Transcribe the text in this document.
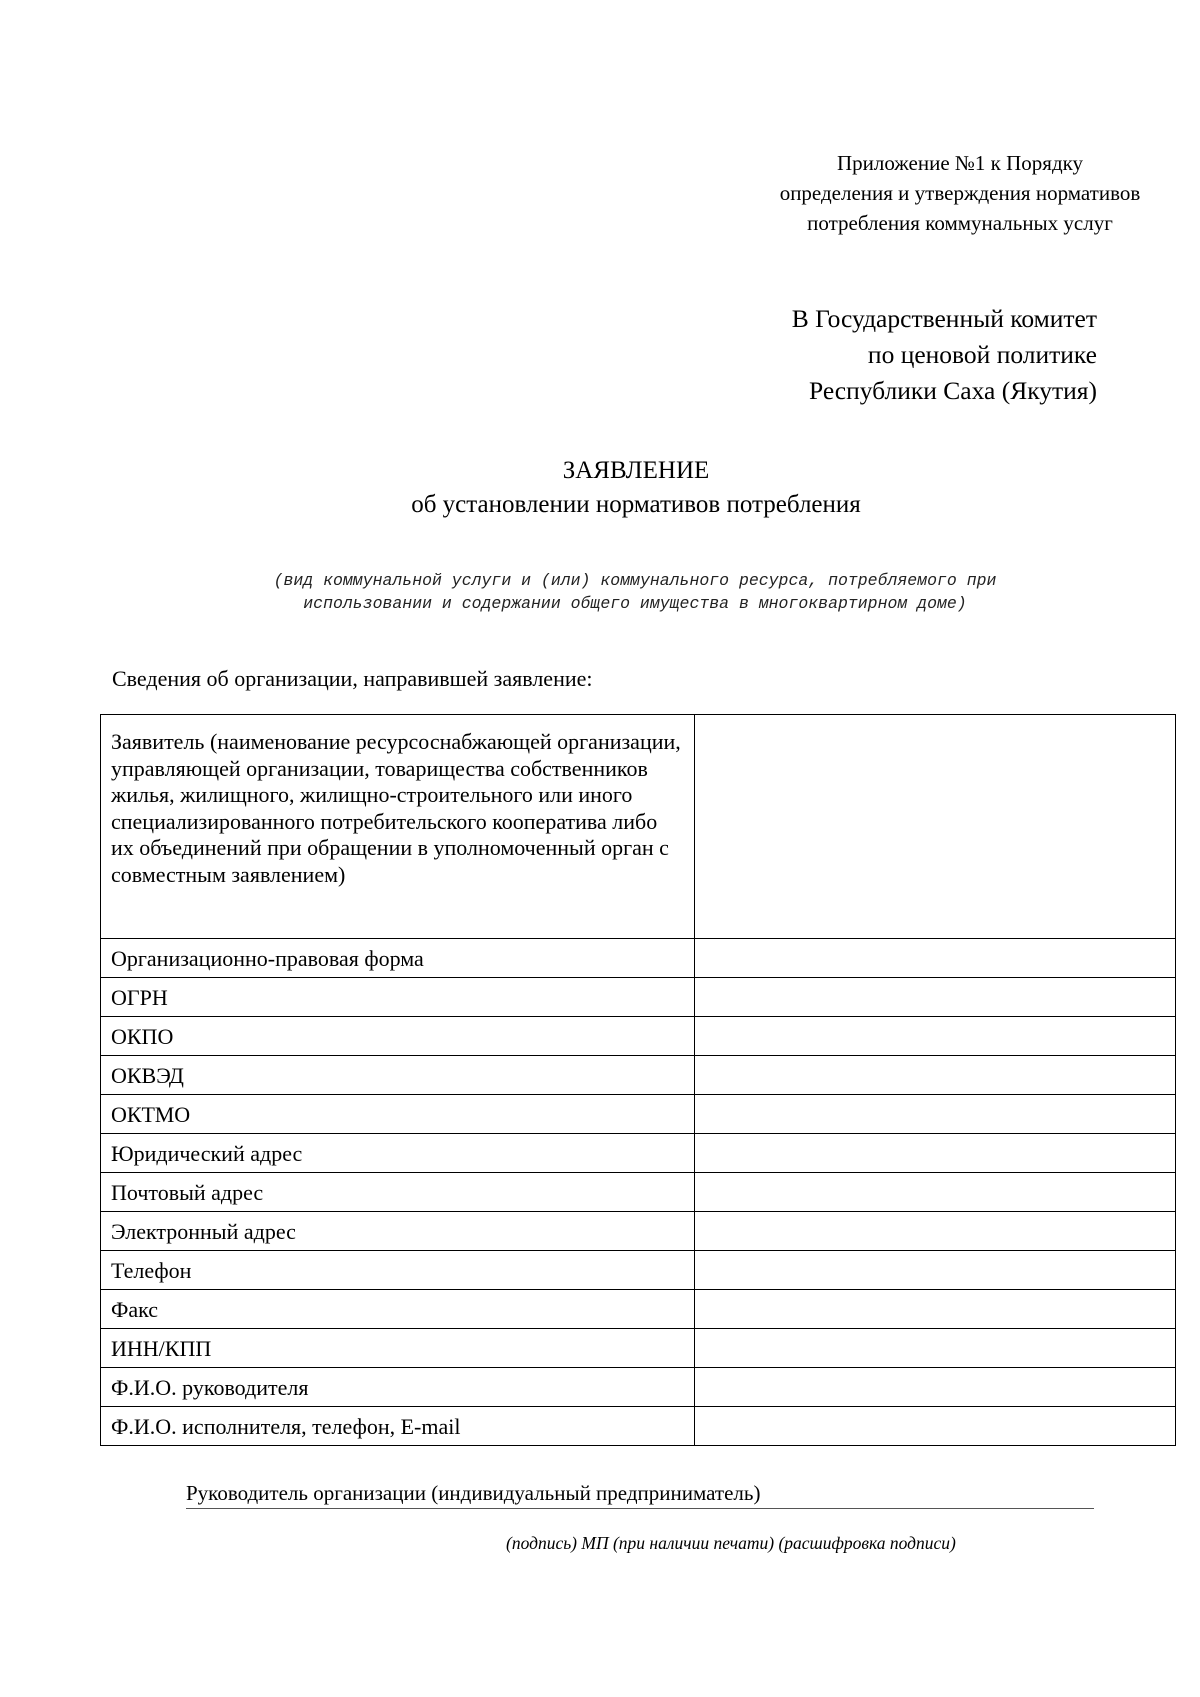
Приложение №1 к Порядку
определения и утверждения нормативов
потребления коммунальных услуг
В Государственный комитет
по ценовой политике
Республики Саха (Якутия)
ЗАЯВЛЕНИЕ
об установлении нормативов потребления
(вид коммунальной услуги и (или) коммунального ресурса, потребляемого при
использовании и содержании общего имущества в многоквартирном доме)
Сведения об организации, направившей заявление:
Заявитель (наименование ресурсоснабжающей организации, управляющей организации, товарищества собственников жилья, жилищного, жилищно-строительного или иного специализированного потребительского кооператива либо их объединений при обращении в уполномоченный орган с совместным заявлением)	
Организационно-правовая форма	
ОГРН	
ОКПО	
ОКВЭД	
ОКТМО	
Юридический адрес	
Почтовый адрес	
Электронный адрес	
Телефон	
Факс	
ИНН/КПП	
Ф.И.О. руководителя	
Ф.И.О. исполнителя, телефон, E-mail	
Руководитель организации (индивидуальный предприниматель)
(подпись) МП (при наличии печати) (расшифровка подписи)
